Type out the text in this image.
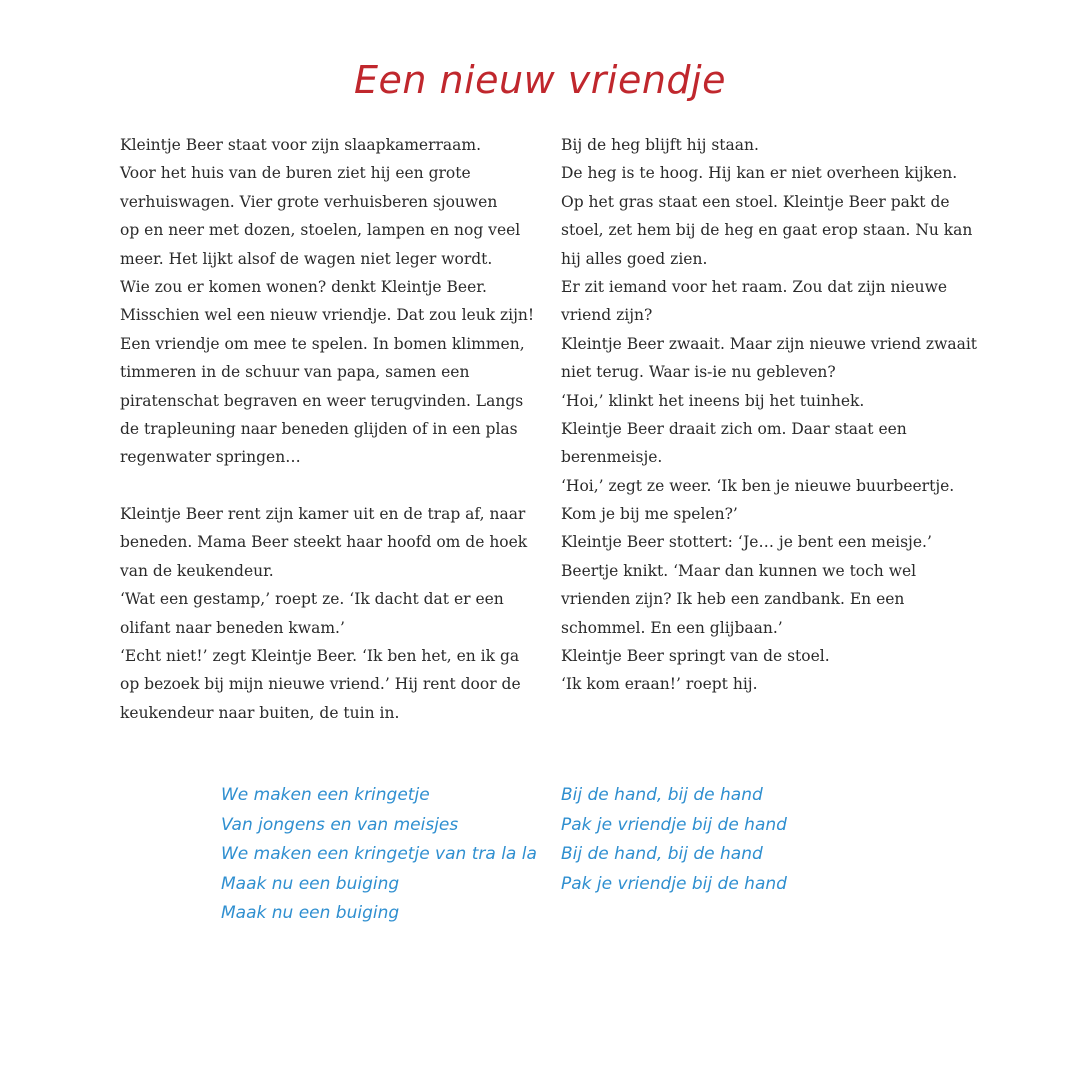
Een nieuw vriendje
Kleintje Beer staat voor zijn slaapkamerraam.
Voor het huis van de buren ziet hij een grote
verhuiswagen. Vier grote verhuisberen sjouwen
op en neer met dozen, stoelen, lampen en nog veel
meer. Het lijkt alsof de wagen niet leger wordt.
Wie zou er komen wonen? denkt Kleintje Beer.
Misschien wel een nieuw vriendje. Dat zou leuk zijn!
Een vriendje om mee te spelen. In bomen klimmen,
timmeren in de schuur van papa, samen een
piratenschat begraven en weer terugvinden. Langs
de trapleuning naar beneden glijden of in een plas
regenwater springen…
Kleintje Beer rent zijn kamer uit en de trap af, naar
beneden. Mama Beer steekt haar hoofd om de hoek
van de keukendeur.
‘Wat een gestamp,’ roept ze. ‘Ik dacht dat er een
olifant naar beneden kwam.’
‘Echt niet!’ zegt Kleintje Beer. ‘Ik ben het, en ik ga
op bezoek bij mijn nieuwe vriend.’ Hij rent door de
keukendeur naar buiten, de tuin in.
Bij de heg blijft hij staan.
De heg is te hoog. Hij kan er niet overheen kijken.
Op het gras staat een stoel. Kleintje Beer pakt de
stoel, zet hem bij de heg en gaat erop staan. Nu kan
hij alles goed zien.
Er zit iemand voor het raam. Zou dat zijn nieuwe
vriend zijn?
Kleintje Beer zwaait. Maar zijn nieuwe vriend zwaait
niet terug. Waar is-ie nu gebleven?
‘Hoi,’ klinkt het ineens bij het tuinhek.
Kleintje Beer draait zich om. Daar staat een
berenmeisje.
‘Hoi,’ zegt ze weer. ‘Ik ben je nieuwe buurbeertje.
Kom je bij me spelen?’
Kleintje Beer stottert: ‘Je… je bent een meisje.’
Beertje knikt. ‘Maar dan kunnen we toch wel
vrienden zijn? Ik heb een zandbank. En een
schommel. En een glijbaan.’
Kleintje Beer springt van de stoel.
‘Ik kom eraan!’ roept hij.
We maken een kringetje
Van jongens en van meisjes
We maken een kringetje van tra la la
Maak nu een buiging
Maak nu een buiging
Bij de hand, bij de hand
Pak je vriendje bij de hand
Bij de hand, bij de hand
Pak je vriendje bij de hand
